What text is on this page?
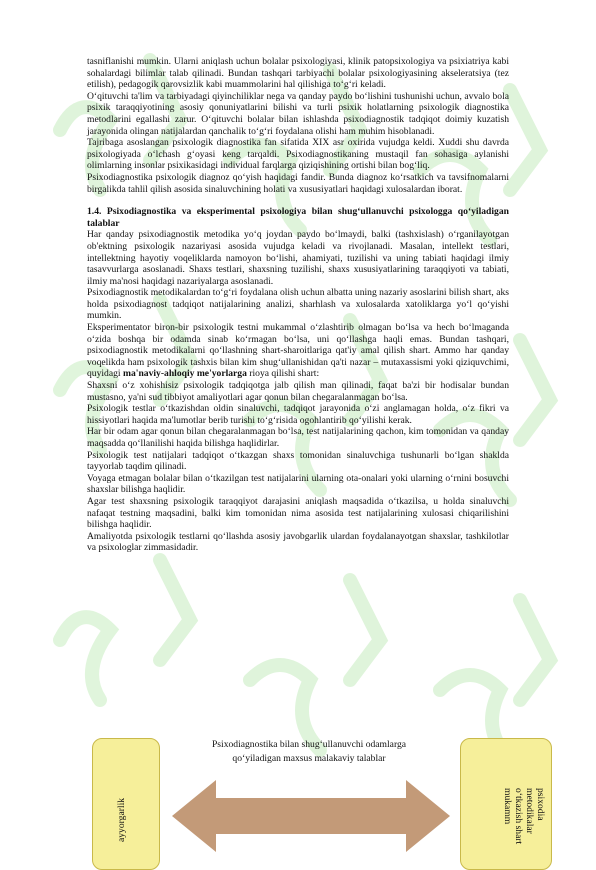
tasniflanishi mumkin. Ularni aniqlash uchun bolalar psixologiyasi, klinik patopsixologiya va psixiatriya kabi sohalardagi bilimlar talab qilinadi. Bundan tashqari tarbiyachi bolalar psixologiyasining akseleratsiya (tez etilish), pedagogik qarovsizlik kabi muammolarini hal qilishiga to‘g‘ri keladi.

O‘qituvchi ta'lim va tarbiyadagi qiyinchiliklar nega va qanday paydo bo‘lishini tushunishi uchun, avvalo bola psixik taraqqiyotining asosiy qonuniyatlarini bilishi va turli psixik holatlarning psixologik diagnostika metodlarini egallashi zarur. O‘qituvchi bolalar bilan ishlashda psixodiagnostik tadqiqot doimiy kuzatish jarayonida olingan natijalardan qanchalik to‘g‘ri foydalana olishi ham muhim hisoblanadi.

Tajribaga asoslangan psixologik diagnostika fan sifatida XIX asr oxirida vujudga keldi. Xuddi shu davrda psixologiyada o‘lchash g‘oyasi keng tarqaldi. Psixodiagnostikaning mustaqil fan sohasiga aylanishi olimlarning insonlar psixikasidagi individual farqlarga qiziqishining ortishi bilan bog‘liq.

Psixodiagnostika psixologik diagnoz qo‘yish haqidagi fandir. Bunda diagnoz ko‘rsatkich va tavsifnomalarni birgalikda tahlil qilish asosida sinaluvchining holati va xususiyatlari haqidagi xulosalardan iborat.

1.4. Psixodiagnostika va eksperimental psixologiya bilan shug‘ullanuvchi psixologga qo‘yiladigan talablar

Har qanday psixodiagnostik metodika yo‘q joydan paydo bo‘lmaydi, balki (tashxislash) o‘rganilayotgan ob'ektning psixologik nazariyasi asosida vujudga keladi va rivojlanadi. Masalan, intellekt testlari, intellektning hayotiy voqeliklarda namoyon bo‘lishi, ahamiyati, tuzilishi va uning tabiati haqidagi ilmiy tasavvurlarga asoslanadi. Shaxs testlari, shaxsning tuzilishi, shaxs xususiyatlarining taraqqiyoti va tabiati, ilmiy ma'nosi haqidagi nazariyalarga asoslanadi.

Psixodiagnostik metodikalardan to‘g‘ri foydalana olish uchun albatta uning nazariy asoslarini bilish shart, aks holda psixodiagnost tadqiqot natijalarining analizi, sharhlash va xulosalarda xatoliklarga yo‘l qo‘yishi mumkin.

Eksperimentator biron-bir psixologik testni mukammal o‘zlashtirib olmagan bo‘lsa va hech bo‘lmaganda o‘zida boshqa bir odamda sinab ko‘rmagan bo‘lsa, uni qo‘llashga haqli emas. Bundan tashqari, psixodiagnostik metodikalarni qo‘llashning shart-sharoitlariga qat'iy amal qilish shart. Ammo har qanday voqelikda ham psixologik tashxis bilan kim shug‘ullanishidan qa'ti nazar – mutaxassismi yoki qiziquvchimi, quyidagi ma'naviy-ahloqiy me'yorlarga rioya qilishi shart:

Shaxsni o‘z xohishisiz psixologik tadqiqotga jalb qilish man qilinadi, faqat ba'zi bir hodisalar bundan mustasno, ya'ni sud tibbiyot amaliyotlari agar qonun bilan chegaralanmagan bo‘lsa.

Psixologik testlar o‘tkazishdan oldin sinaluvchi, tadqiqot jarayonida o‘zi anglamagan holda, o‘z fikri va hissiyotlari haqida ma'lumotlar berib turishi to‘g‘risida ogohlantirib qo‘yilishi kerak.

Har bir odam agar qonun bilan chegaralanmagan bo‘lsa, test natijalarining qachon, kim tomonidan va qanday maqsadda qo‘llanilishi haqida bilishga haqlidirlar.

Psixologik test natijalari tadqiqot o‘tkazgan shaxs tomonidan sinaluvchiga tushunarli bo‘lgan shaklda tayyorlab taqdim qilinadi.

Voyaga etmagan bolalar bilan o‘tkazilgan test natijalarini ularning ota-onalari yoki ularning o‘rnini bosuvchi shaxslar bilishga haqlidir.

Agar test shaxsning psixologik taraqqiyot darajasini aniqlash maqsadida o‘tkazilsa, u holda sinaluvchi nafaqat testning maqsadini, balki kim tomonidan nima asosida test natijalarining xulosasi chiqarilishini bilishga haqlidir.

Amaliyotda psixologik testlarni qo‘llashda asosiy javobgarlik ulardan foydalanayotgan shaxslar, tashkilotlar va psixologlar zimmasidadir.

ayyorgarlik	psixodia
metodikalar
o‘tkazish shart
mukamm
Psixodiagnostika bilan shug‘ullanuvchi odamlarga
qo‘yiladigan maxsus malakaviy talablar
